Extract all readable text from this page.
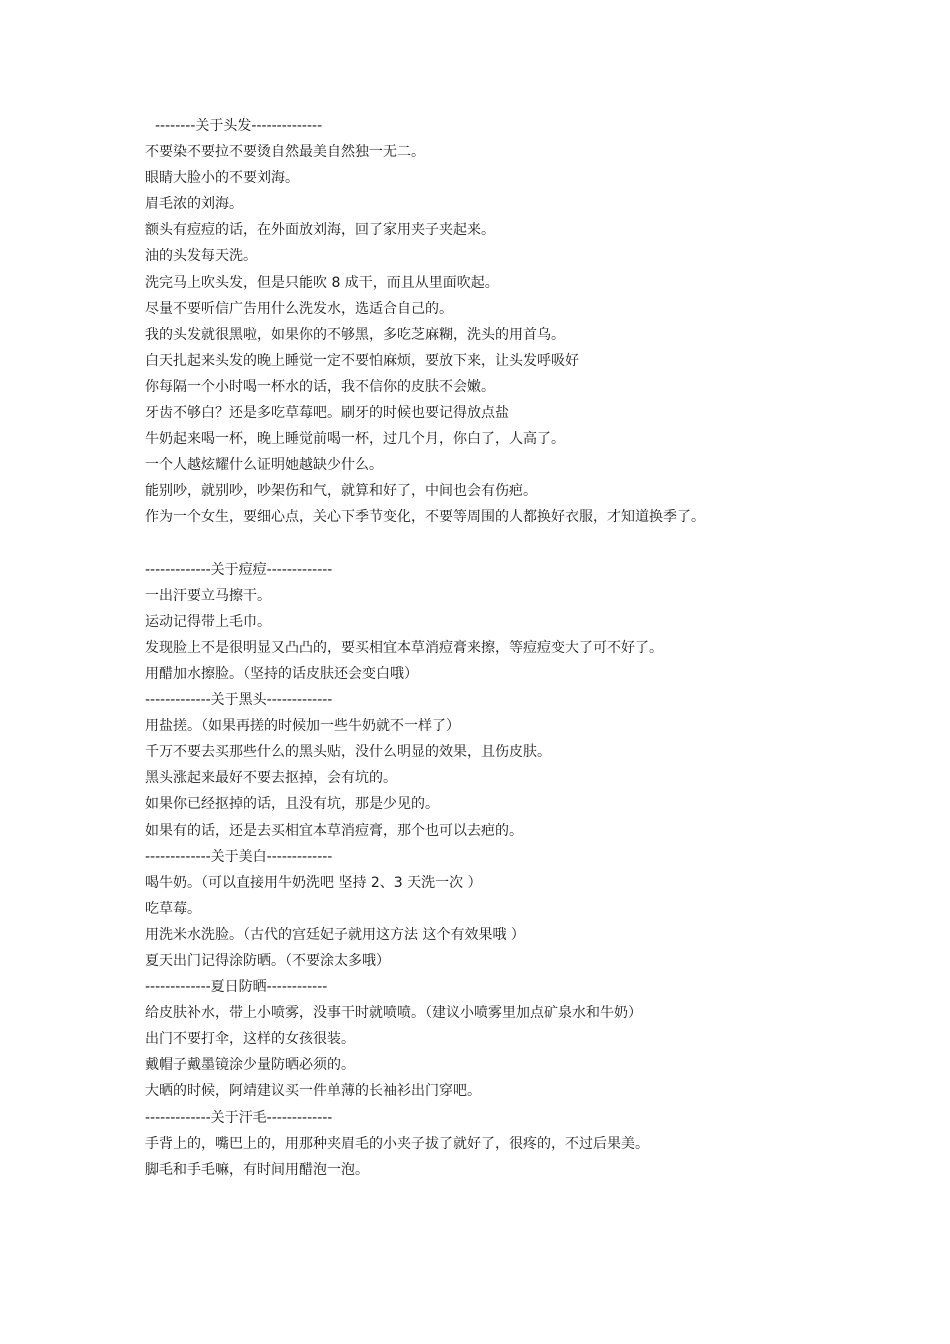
--------关于头发--------------
不要染不要拉不要烫自然最美自然独一无二。
眼睛大脸小的不要刘海。
眉毛浓的刘海。
额头有痘痘的话，在外面放刘海，回了家用夹子夹起来。
油的头发每天洗。
洗完马上吹头发，但是只能吹 8 成干，而且从里面吹起。
尽量不要听信广告用什么洗发水，选适合自己的。
我的头发就很黑啦，如果你的不够黑，多吃芝麻糊，洗头的用首乌。
白天扎起来头发的晚上睡觉一定不要怕麻烦，要放下来，让头发呼吸好
你每隔一个小时喝一杯水的话，我不信你的皮肤不会嫩。
牙齿不够白？还是多吃草莓吧。刷牙的时候也要记得放点盐
牛奶起来喝一杯，晚上睡觉前喝一杯，过几个月，你白了，人高了。
一个人越炫耀什么证明她越缺少什么。
能别吵，就别吵，吵架伤和气，就算和好了，中间也会有伤疤。
作为一个女生，要细心点，关心下季节变化，不要等周围的人都换好衣服，才知道换季了。
-------------关于痘痘-------------
一出汗要立马擦干。
运动记得带上毛巾。
发现脸上不是很明显又凸凸的，要买相宜本草消痘膏来擦，等痘痘变大了可不好了。
用醋加水擦脸。（坚持的话皮肤还会变白哦）
-------------关于黑头-------------
用盐搓。（如果再搓的时候加一些牛奶就不一样了）
千万不要去买那些什么的黑头贴，没什么明显的效果，且伤皮肤。
黑头涨起来最好不要去抠掉，会有坑的。
如果你已经抠掉的话，且没有坑，那是少见的。
如果有的话，还是去买相宜本草消痘膏，那个也可以去疤的。
-------------关于美白-------------
喝牛奶。（可以直接用牛奶洗吧 坚持 2、3 天洗一次 ）
吃草莓。
用洗米水洗脸。（古代的宫廷妃子就用这方法 这个有效果哦 ）
夏天出门记得涂防晒。（不要涂太多哦）
-------------夏日防晒------------
给皮肤补水，带上小喷雾，没事干时就喷喷。（建议小喷雾里加点矿泉水和牛奶）
出门不要打伞，这样的女孩很装。
戴帽子戴墨镜涂少量防晒必须的。
大晒的时候，阿靖建议买一件单薄的长袖衫出门穿吧。
-------------关于汗毛-------------
手背上的，嘴巴上的，用那种夹眉毛的小夹子拔了就好了，很疼的，不过后果美。
脚毛和手毛嘛，有时间用醋泡一泡。
